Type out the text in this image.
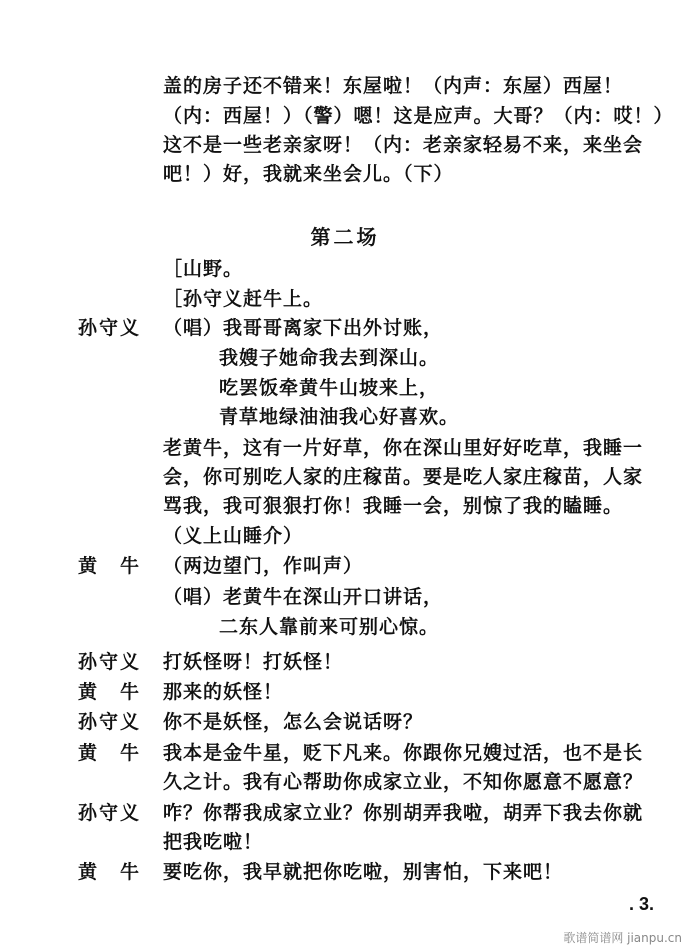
盖的房子还不错来！东屋啦！（内声：东屋）西屋！
（内：西屋！）（警）嗯！这是应声。大哥？（内：哎！）
这不是一些老亲家呀！（内：老亲家轻易不来，来坐会
吧！）好，我就来坐会儿。（下）
第二场
［山野。
［孙守义赶牛上。
孙守义 （唱）我哥哥离家下出外讨账，
我嫂子她命我去到深山。
吃罢饭牵黄牛山坡来上，
青草地绿油油我心好喜欢。
老黄牛，这有一片好草，你在深山里好好吃草，我睡一
会，你可别吃人家的庄稼苗。要是吃人家庄稼苗，人家
骂我，我可狠狠打你！我睡一会，别惊了我的瞌睡。
（义上山睡介）
黄　牛 （两边望门，作叫声）
（唱）老黄牛在深山开口讲话，
二东人靠前来可别心惊。
孙守义 打妖怪呀！打妖怪！
黄　牛 那来的妖怪！
孙守义 你不是妖怪，怎么会说话呀？
黄　牛 我本是金牛星，贬下凡来。你跟你兄嫂过活，也不是长
久之计。我有心帮助你成家立业，不知你愿意不愿意？
孙守义 咋？你帮我成家立业？你别胡弄我啦，胡弄下我去你就
把我吃啦！
黄　牛 要吃你，我早就把你吃啦，别害怕，下来吧！
. 3.
歌谱简谱网 jianpu.cn
